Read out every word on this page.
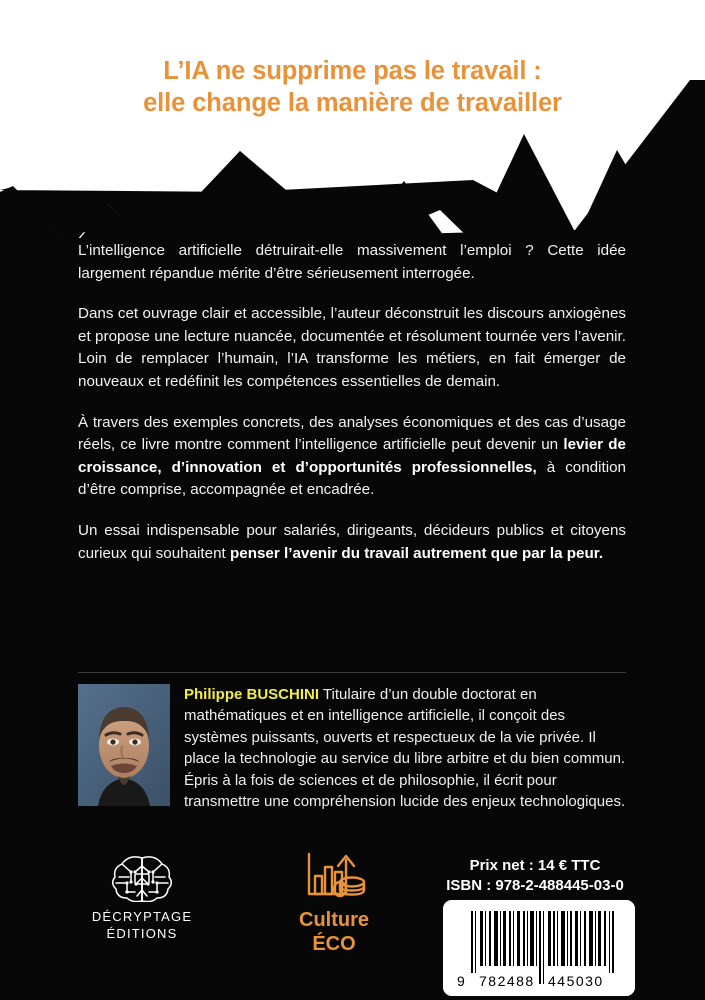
L’IA ne supprime pas le travail :
elle change la manière de travailler

L’intelligence artificielle détruirait-elle massivement l’emploi ? Cette idée largement répandue mérite d’être sérieusement interrogée.

Dans cet ouvrage clair et accessible, l’auteur déconstruit les discours anxiogènes et propose une lecture nuancée, documentée et résolument tournée vers l’avenir. Loin de remplacer l’humain, l’IA transforme les métiers, en fait émerger de nouveaux et redéfinit les compétences essentielles de demain.

À travers des exemples concrets, des analyses économiques et des cas d’usage réels, ce livre montre comment l’intelligence artificielle peut devenir un levier de croissance, d’innovation et d’opportunités professionnelles, à condition d’être comprise, accompagnée et encadrée.

Un essai indispensable pour salariés, dirigeants, décideurs publics et citoyens curieux qui souhaitent penser l’avenir du travail autrement que par la peur.

Philippe BUSCHINI Titulaire d’un double doctorat en mathématiques et en intelligence artificielle, il conçoit des systèmes puissants, ouverts et respectueux de la vie privée. Il place la technologie au service du libre arbitre et du bien commun. Épris à la fois de sciences et de philosophie, il écrit pour transmettre une compréhension lucide des enjeux technologiques.
DÉCRYPTAGE
ÉDITIONS
Culture
ÉCO
Prix net : 14 € TTC
ISBN : 978-2-488445-03-0
9 782488 445030
